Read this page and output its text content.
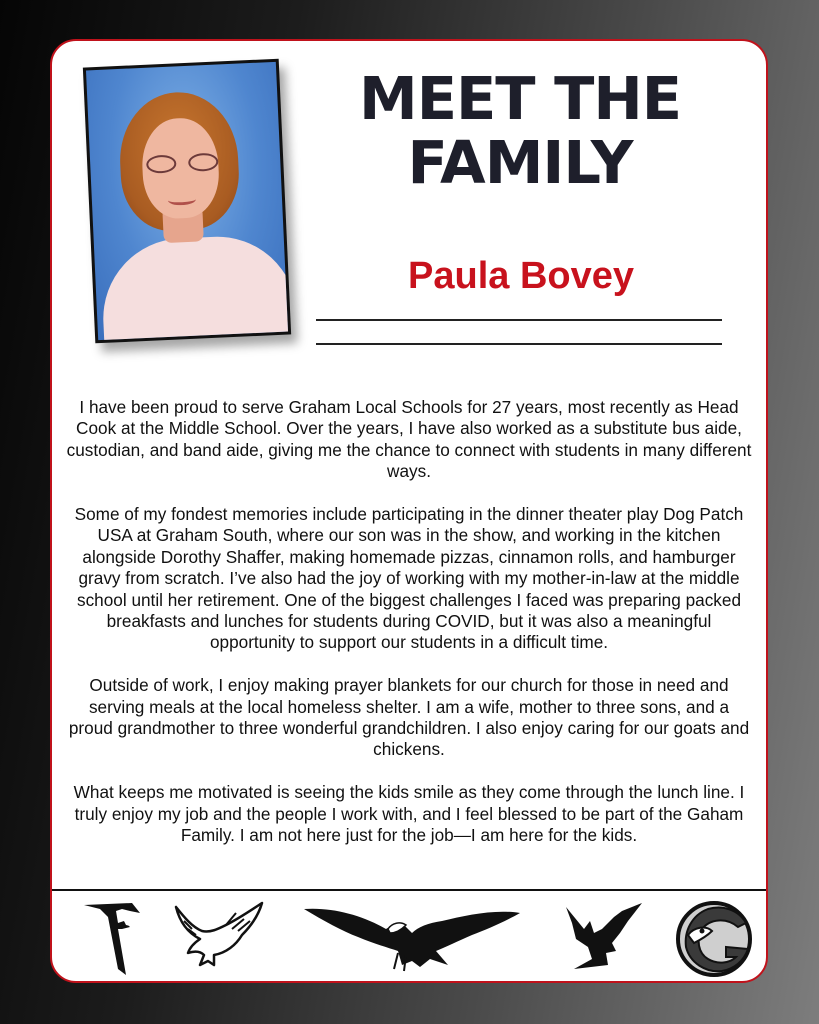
MEET THE FAMILY
Paula Bovey

I have been proud to serve Graham Local Schools for 27 years, most recently as Head Cook at the Middle School. Over the years, I have also worked as a substitute bus aide, custodian, and band aide, giving me the chance to connect with students in many different ways.

Some of my fondest memories include participating in the dinner theater play Dog Patch USA at Graham South, where our son was in the show, and working in the kitchen alongside Dorothy Shaffer, making homemade pizzas, cinnamon rolls, and hamburger gravy from scratch. I’ve also had the joy of working with my mother-in-law at the middle school until her retirement. One of the biggest challenges I faced was preparing packed breakfasts and lunches for students during COVID, but it was also a meaningful opportunity to support our students in a difficult time.

Outside of work, I enjoy making prayer blankets for our church for those in need and serving meals at the local homeless shelter. I am a wife, mother to three sons, and a proud grandmother to three wonderful grandchildren. I also enjoy caring for our goats and chickens.

What keeps me motivated is seeing the kids smile as they come through the lunch line. I truly enjoy my job and the people I work with, and I feel blessed to be part of the Gaham Family. I am not here just for the job—I am here for the kids.
